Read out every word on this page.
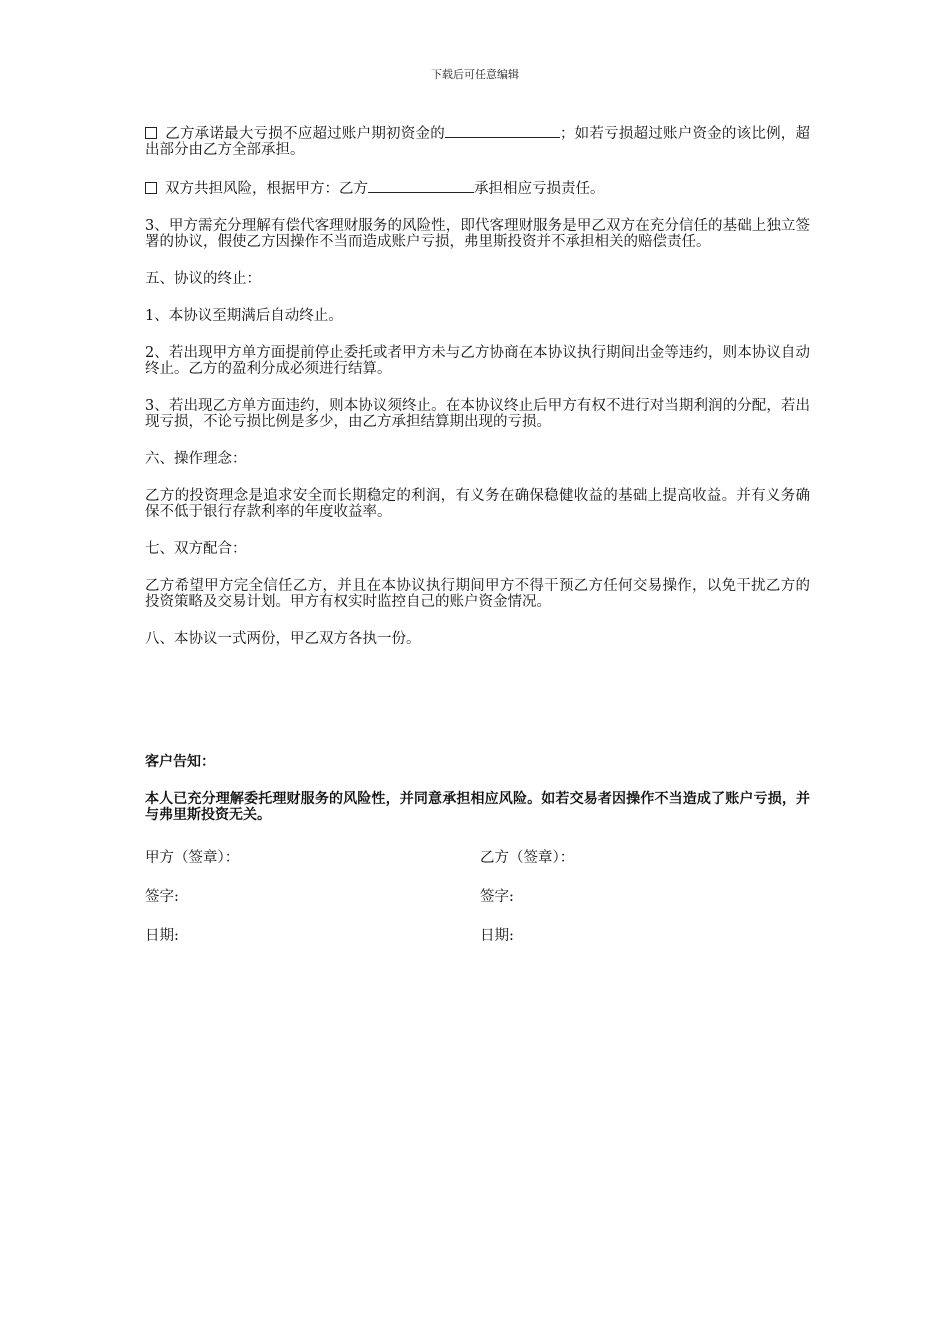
下载后可任意编辑

乙方承诺最大亏损不应超过账户期初资金的	；如若亏损超过账户资金的该比例，超出部分由乙方全部承担。

双方共担风险，根据甲方：乙方	承担相应亏损责任。

3、甲方需充分理解有偿代客理财服务的风险性，即代客理财服务是甲乙双方在充分信任的基础上独立签署的协议，假使乙方因操作不当而造成账户亏损，弗里斯投资并不承担相关的赔偿责任。

五、协议的终止：

1、本协议至期满后自动终止。

2、若出现甲方单方面提前停止委托或者甲方未与乙方协商在本协议执行期间出金等违约，则本协议自动终止。乙方的盈利分成必须进行结算。

3、若出现乙方单方面违约，则本协议须终止。在本协议终止后甲方有权不进行对当期利润的分配，若出现亏损，不论亏损比例是多少，由乙方承担结算期出现的亏损。

六、操作理念：

乙方的投资理念是追求安全而长期稳定的利润，有义务在确保稳健收益的基础上提高收益。并有义务确保不低于银行存款利率的年度收益率。

七、双方配合：

乙方希望甲方完全信任乙方，并且在本协议执行期间甲方不得干预乙方任何交易操作，以免干扰乙方的投资策略及交易计划。甲方有权实时监控自己的账户资金情况。

八、本协议一式两份，甲乙双方各执一份。

客户告知：
本人已充分理解委托理财服务的风险性，并同意承担相应风险。如若交易者因操作不当造成了账户亏损，并与弗里斯投资无关。
甲方（签章）：	乙方（签章）：
签字:	签字:
日期:	日期:
